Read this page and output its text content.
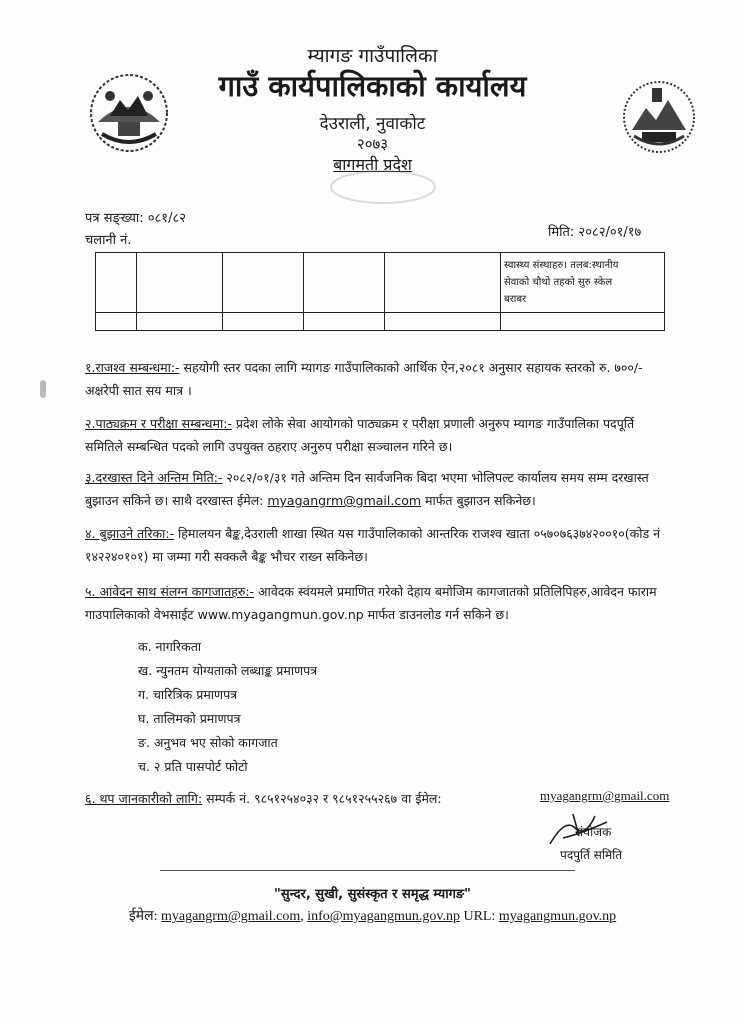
म्यागङ गाउँपालिका
गाउँ कार्यपालिकाको कार्यालय
देउराली, नुवाकोट
२०७३
बागमती प्रदेश
पत्र सङ्ख्या: ०८१/८२
चलानी नं.
मिति: २०८२/०१/१७

					स्वास्थ्य संस्थाहरु। तलब:स्थानीय
सेवाको चौथो तहको सुरु स्केल
बराबर

१.राजश्व सम्बन्धमा:- सहयोगी स्तर पदका लागि म्यागङ गाउँपालिकाको आर्थिक ऐन,२०८१ अनुसार सहायक स्तरको रु. ७००/- अक्षरेपी सात सय मात्र ।
२.पाठ्यक्रम र परीक्षा सम्बन्धमा:- प्रदेश लोके सेवा आयोगको पाठ्यक्रम र परीक्षा प्रणाली अनुरुप म्यागङ गाउँपालिका पदपूर्ति समितिले सम्बन्धित पदको लागि उपयुक्त ठहराए अनुरुप परीक्षा सञ्चालन गरिने छ।
३.दरखास्त दिने अन्तिम मिति:- २०८२/०१/३१ गते अन्तिम दिन सार्वजनिक बिदा भएमा भोलिपल्ट कार्यालय समय सम्म दरखास्त बुझाउन सकिने छ। साथै दरखास्त ईमेल: myagangrm@gmail.com मार्फत बुझाउन सकिनेछ।
४. बुझाउने तरिका:- हिमालयन बैङ्क,देउराली शाखा स्थित यस गाउँपालिकाको आन्तरिक राजश्व खाता ०५७०७६३७४२००१०(कोड नं १४२२४०१०१) मा जम्मा गरी सक्कलै बैङ्क भौचर राख्न सकिनेछ।
५. आवेदन साथ संलग्न कागजातहरु:- आवेदक स्वंयमले प्रमाणित गरेको देहाय बमोजिम कागजातको प्रतिलिपिहरु,आवेदन फाराम गाउपालिकाको वेभसाईट www.myagangmun.gov.np मार्फत डाउनलोड गर्न सकिने छ।
क. नागरिकता
ख. न्युनतम योग्यताको लब्धाङ्क प्रमाणपत्र
ग. चारित्रिक प्रमाणपत्र
घ. तालिमको प्रमाणपत्र
ङ. अनुभव भए सोको कागजात
च. २ प्रति पासपोर्ट फोटो
६. थप जानकारीको लागि: सम्पर्क नं. ९८५१२५४०३२ र ९८५१२५५२६७ वा ईमेल:	myagangrm@gmail.com
संयोजक
पदपुर्ति समिति
"सुन्दर, सुखी, सुसंस्कृत र समृद्ध म्यागङ"
ईमेल: myagangrm@gmail.com, info@myagangmun.gov.np URL: myagangmun.gov.np
